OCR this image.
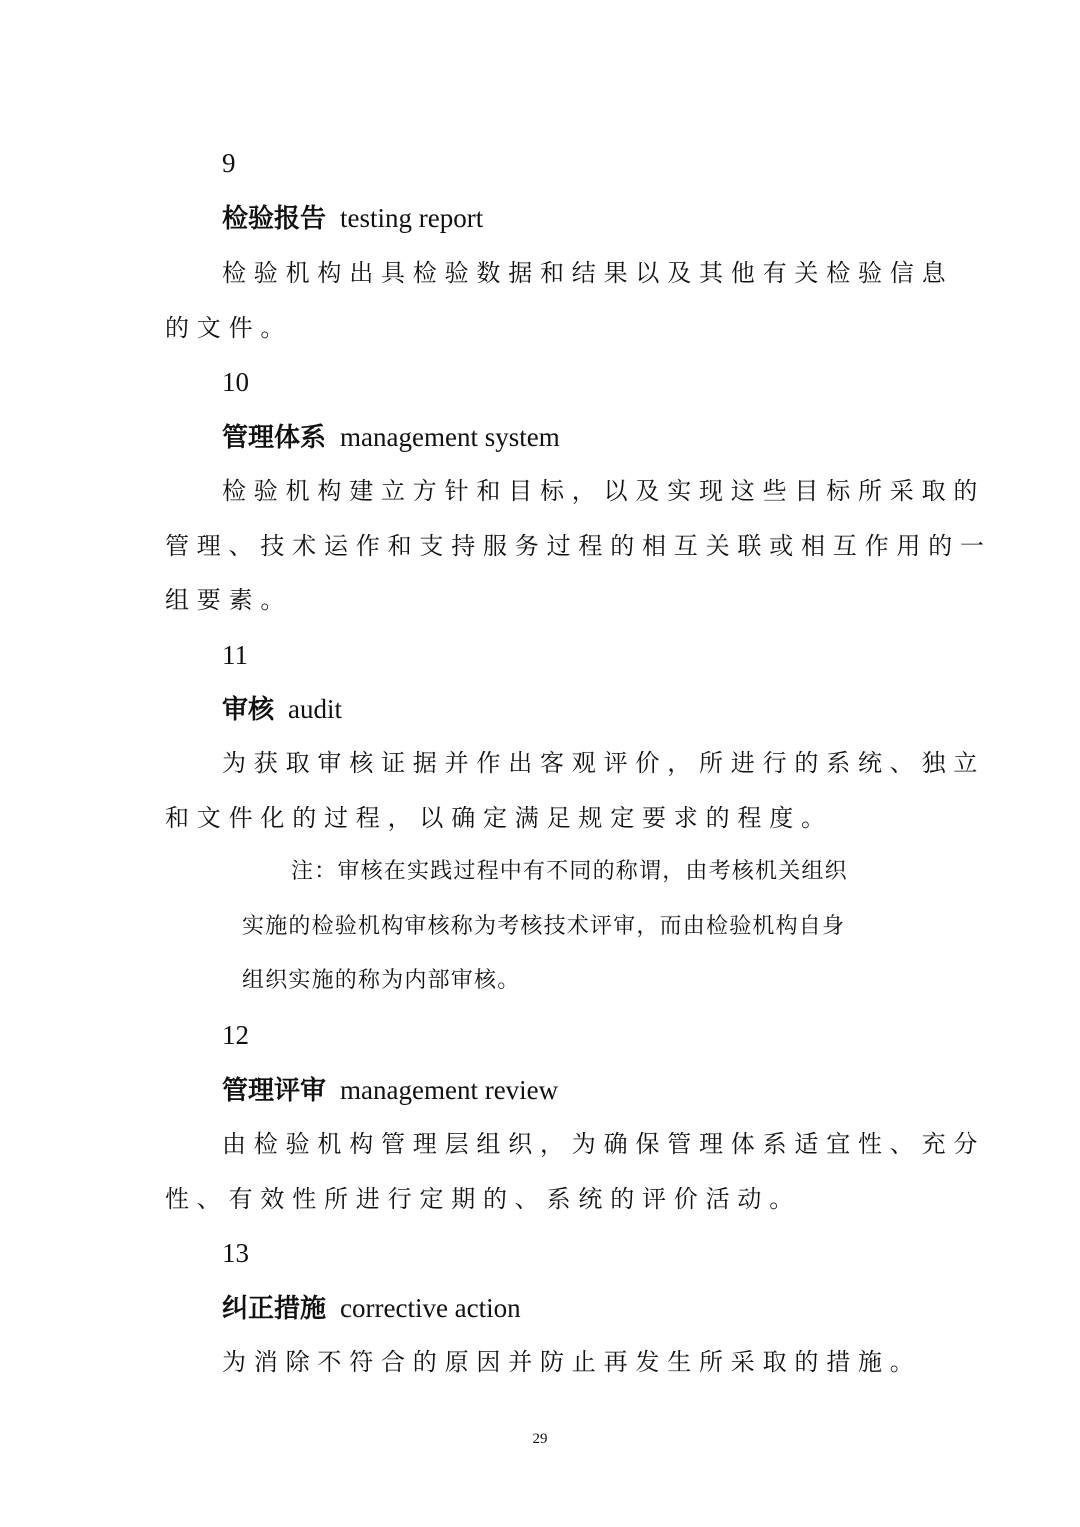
9
检验报告 testing report
检验机构出具检验数据和结果以及其他有关检验信息
的文件。
10
管理体系 management system
检验机构建立方针和目标，以及实现这些目标所采取的
管理、技术运作和支持服务过程的相互关联或相互作用的一
组要素。
11
审核 audit
为获取审核证据并作出客观评价，所进行的系统、独立
和文件化的过程，以确定满足规定要求的程度。
注：审核在实践过程中有不同的称谓，由考核机关组织
实施的检验机构审核称为考核技术评审，而由检验机构自身
组织实施的称为内部审核。
12
管理评审 management review
由检验机构管理层组织，为确保管理体系适宜性、充分
性、有效性所进行定期的、系统的评价活动。
13
纠正措施 corrective action
为消除不符合的原因并防止再发生所采取的措施。
29
